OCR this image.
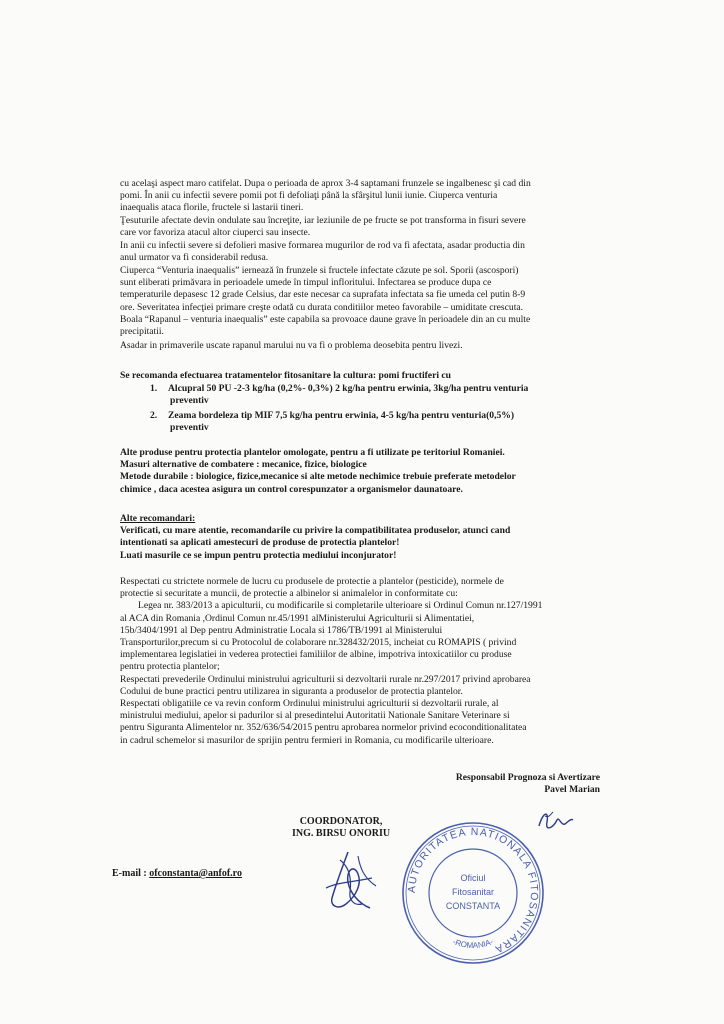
cu acelaşi aspect maro catifelat. Dupa o perioada de aprox 3-4 saptamani frunzele se ingalbenesc şi cad din
pomi. În anii cu infectii severe pomii pot fi defoliaţi până la sfârşitul lunii iunie. Ciuperca venturia
inaequalis ataca florile, fructele si lastarii tineri.
Ţesuturile afectate devin ondulate sau încreţite, iar leziunile de pe fructe se pot transforma in fisuri severe
care vor favoriza atacul altor ciuperci sau insecte.
In anii cu infectii severe si defolieri masive formarea mugurilor de rod va fi afectata, asadar productia din
anul urmator va fi considerabil redusa.
Ciuperca “Venturia inaequalis” iernează în frunzele si fructele infectate căzute pe sol. Sporii (ascospori)
sunt eliberati primăvara in perioadele umede în timpul infloritului. Infectarea se produce dupa ce
temperaturile depasesc 12 grade Celsius, dar este necesar ca suprafata infectata sa fie umeda cel putin 8-9
ore. Severitatea infecţiei primare creşte odată cu durata conditiilor meteo favorabile – umiditate crescuta.
Boala “Rapanul – venturia inaequalis” este capabila sa provoace daune grave în perioadele din an cu multe
precipitatii.
Asadar in primaverile uscate rapanul marului nu va fi o problema deosebita pentru livezi.
Se recomanda efectuarea tratamentelor fitosanitare la cultura: pomi fructiferi cu
1. Alcupral 50 PU -2-3 kg/ha (0,2%- 0,3%) 2 kg/ha pentru erwinia, 3kg/ha pentru venturia
preventiv
2. Zeama bordeleza tip MIF 7,5 kg/ha pentru erwinia, 4-5 kg/ha pentru venturia(0,5%)
preventiv
Alte produse pentru protectia plantelor omologate, pentru a fi utilizate pe teritoriul Romaniei.
Masuri alternative de combatere : mecanice, fizice, biologice
Metode durabile : biologice, fizice,mecanice si alte metode nechimice trebuie preferate metodelor
chimice , daca acestea asigura un control corespunzator a organismelor daunatoare.
Alte recomandari:
Verificati, cu mare atentie, recomandarile cu privire la compatibilitatea produselor, atunci cand
intentionati sa aplicati amestecuri de produse de protectia plantelor!
Luati masurile ce se impun pentru protectia mediului inconjurator!
Respectati cu strictete normele de lucru cu produsele de protectie a plantelor (pesticide), normele de
protectie si securitate a muncii, de protectie a albinelor si animalelor in conformitate cu:
Legea nr. 383/2013 a apiculturii, cu modificarile si completarile ulterioare si Ordinul Comun nr.127/1991
al ACA din Romania ,Ordinul Comun nr.45/1991 alMinisterului Agriculturii si Alimentatiei,
15b/3404/1991 al Dep pentru Administratie Locala si 1786/TB/1991 al Ministerului
Transporturilor,precum si cu Protocolul de colaborare nr.328432/2015, incheiat cu ROMAPIS ( privind
implementarea legislatiei in vederea protectiei familiilor de albine, impotriva intoxicatiilor cu produse
pentru protectia plantelor;
Respectati prevederile Ordinului ministrului agriculturii si dezvoltarii rurale nr.297/2017 privind aprobarea
Codului de bune practici pentru utilizarea in siguranta a produselor de protectia plantelor.
Respectati obligatiile ce va revin conform Ordinului ministrului agriculturii si dezvoltarii rurale, al
ministrului mediului, apelor si padurilor si al presedintelui Autoritatii Nationale Sanitare Veterinare si
pentru Siguranta Alimentelor nr. 352/636/54/2015 pentru aprobarea normelor privind ecoconditionalitatea
in cadrul schemelor si masurilor de sprijin pentru fermieri in Romania, cu modificarile ulterioare.
Responsabil Prognoza si Avertizare
Pavel Marian
COORDONATOR,
ING. BIRSU ONORIU
AUTORITATEA NATIONALA FITOSANITARA
-ROMANIA-
Oficiul
Fitosanitar
CONSTANTA
E-mail : ofconstanta@anfof.ro
